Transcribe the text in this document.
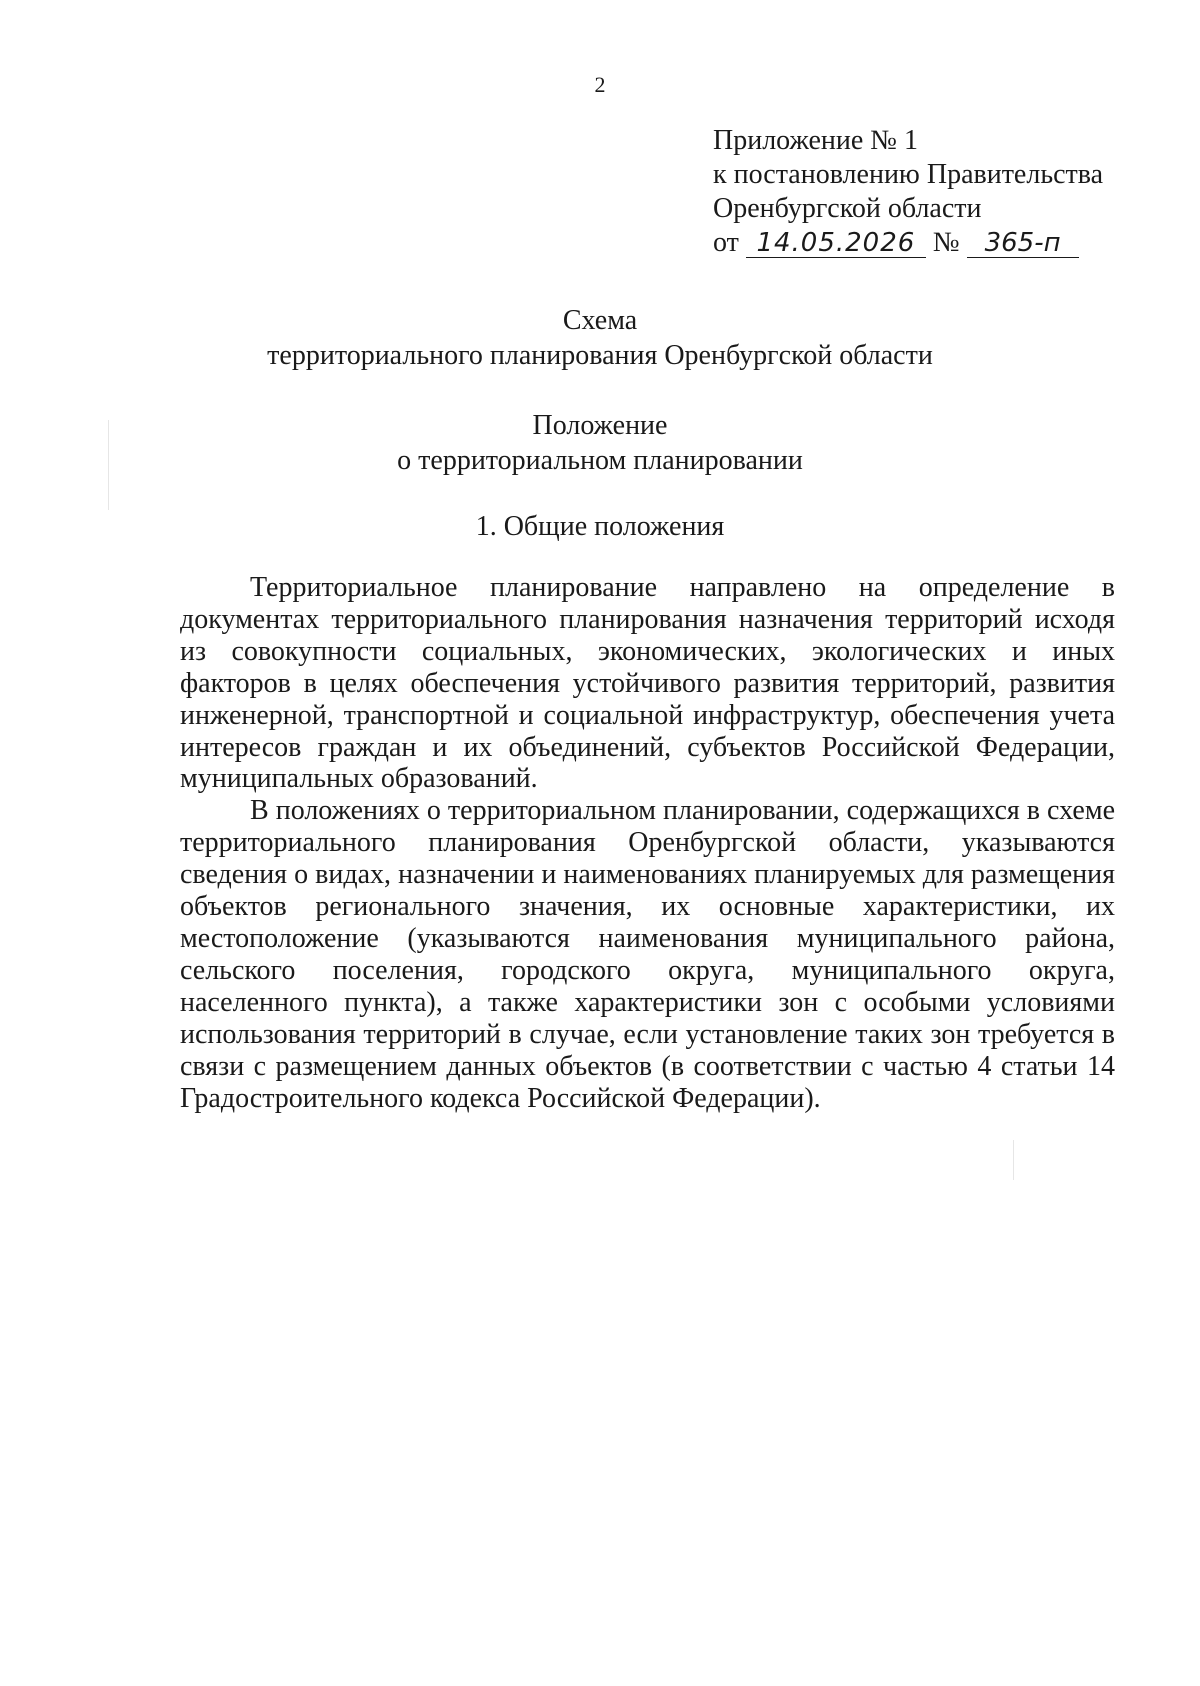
2
Приложение № 1
к постановлению Правительства
Оренбургской области
от 14.05.2026 № 365-п
Схема
территориального планирования Оренбургской области
Положение
о территориальном планировании
1. Общие положения

Территориальное планирование направлено на определение в документах территориального планирования назначения территорий исходя из совокупности социальных, экономических, экологических и иных факторов в целях обеспечения устойчивого развития территорий, развития инженерной, транспортной и социальной инфраструктур, обеспечения учета интересов граждан и их объединений, субъектов Российской Федерации, муниципальных образований.

В положениях о территориальном планировании, содержащихся в схеме территориального планирования Оренбургской области, указываются сведения о видах, назначении и наименованиях планируемых для размещения объектов регионального значения, их основные характеристики, их местоположение (указываются наименования муниципального района, сельского поселения, городского округа, муниципального округа, населенного пункта), а также характеристики зон с особыми условиями использования территорий в случае, если установление таких зон требуется в связи с размещением данных объектов (в соответствии с частью 4 статьи 14 Градостроительного кодекса Российской Федерации).
